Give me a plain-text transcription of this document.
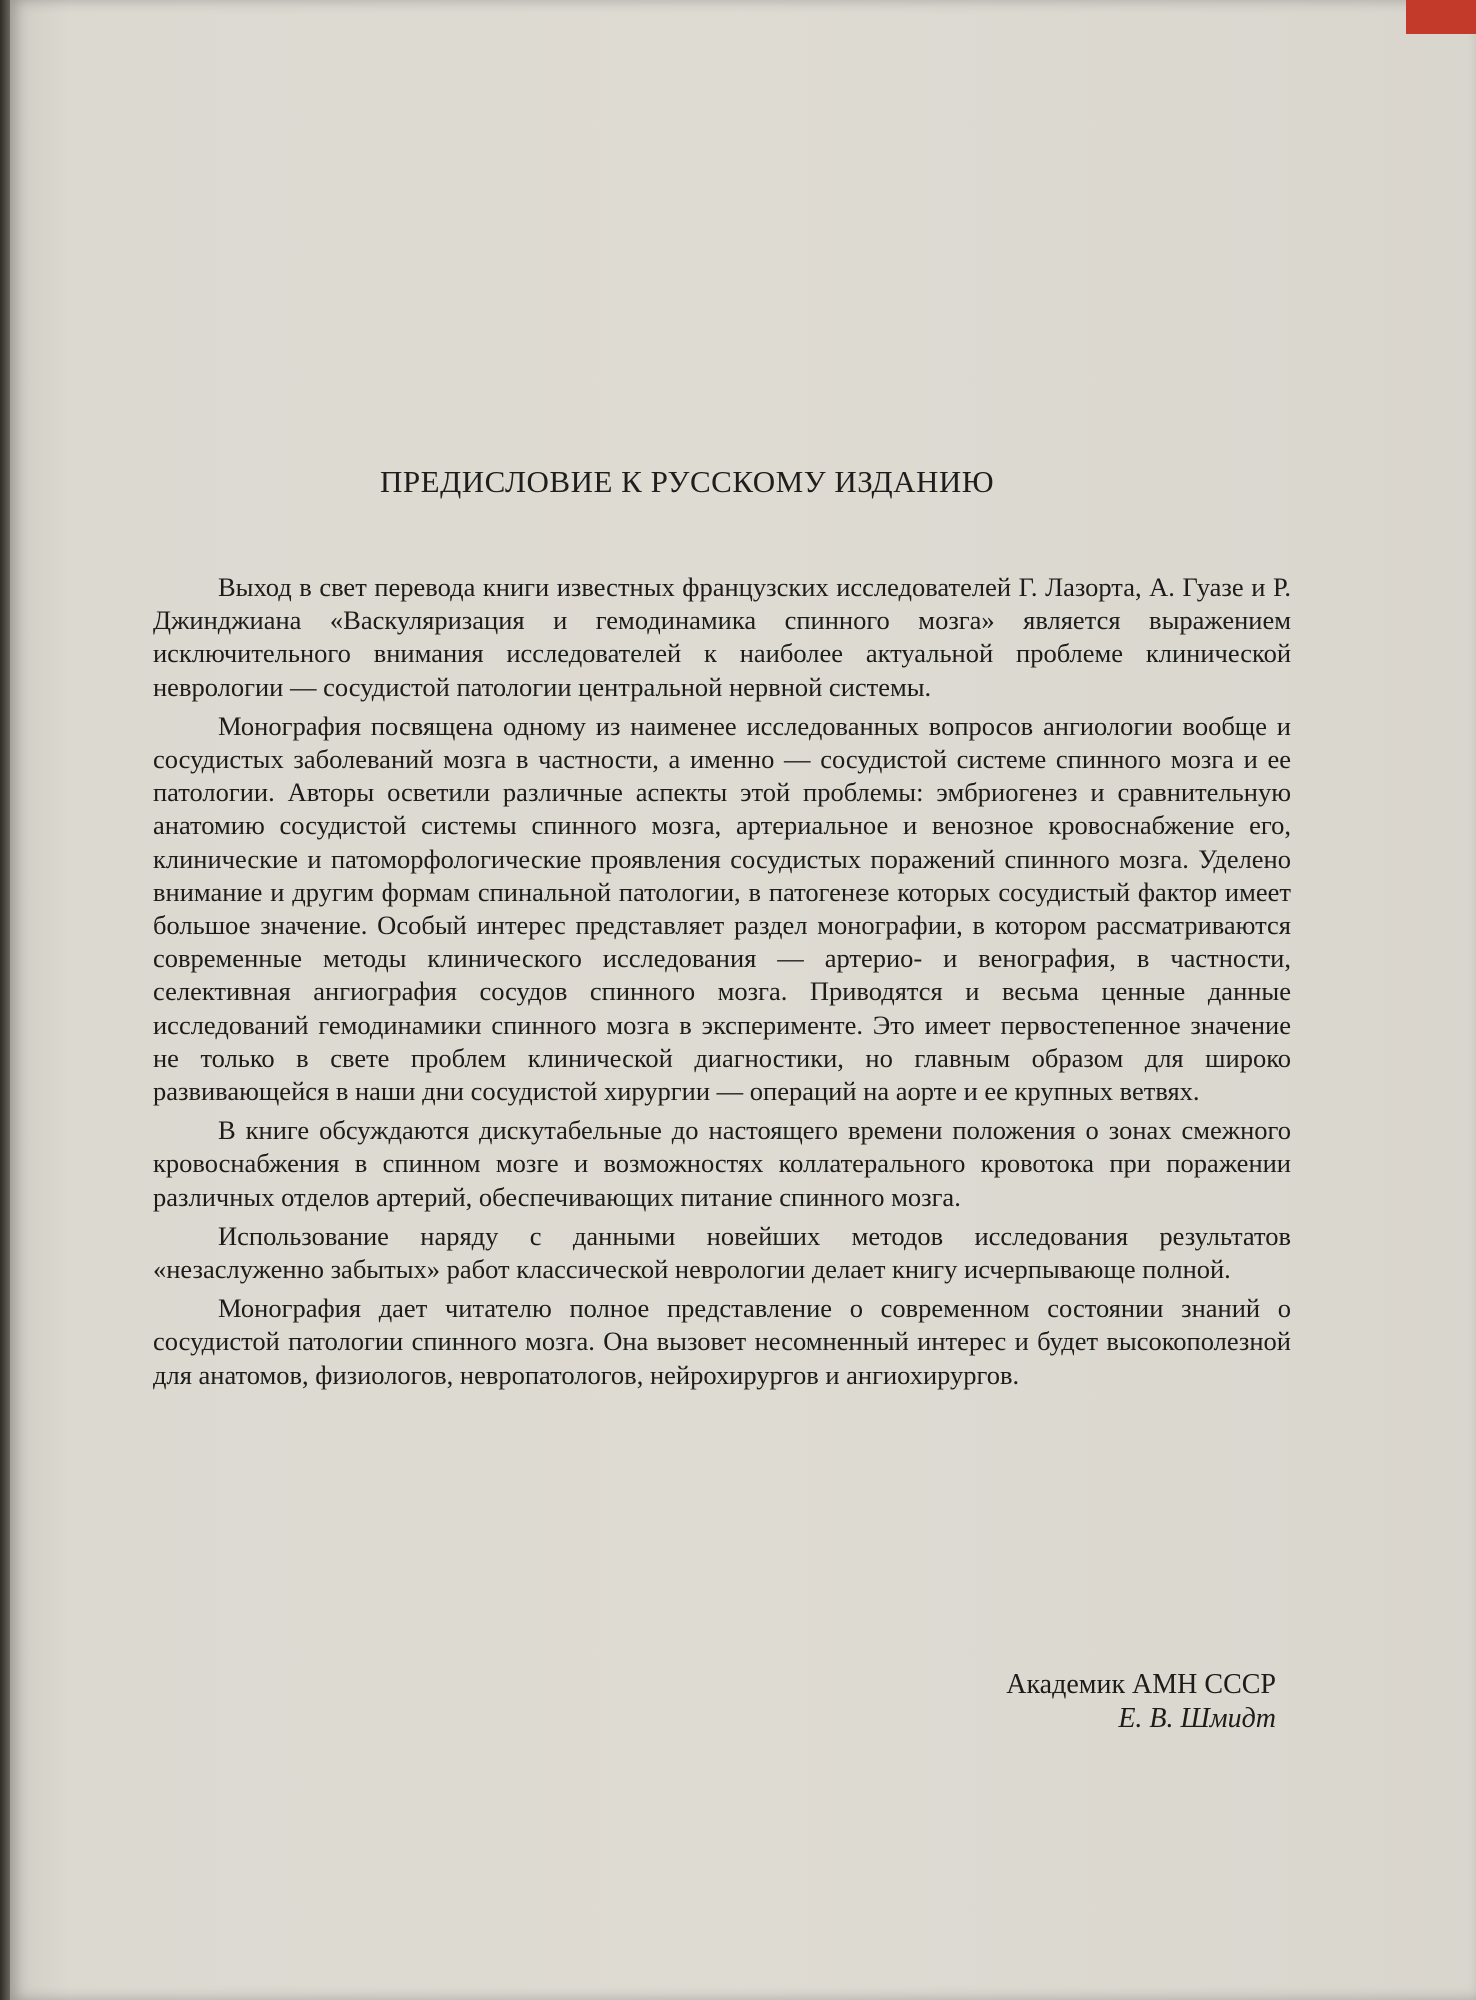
ПРЕДИСЛОВИЕ К РУССКОМУ ИЗДАНИЮ

Выход в свет перевода книги известных французских исследователей Г. Лазорта, А. Гуазе и Р. Джинджиана «Васкуляризация и гемодинамика спинного мозга» является выражением исключительного внимания исследователей к наиболее актуальной проблеме клинической неврологии — сосудистой патологии центральной нервной системы.

Монография посвящена одному из наименее исследованных вопросов ангиологии вообще и сосудистых заболеваний мозга в частности, а именно — сосудистой системе спинного мозга и ее патологии. Авторы осветили различные аспекты этой проблемы: эмбриогенез и сравнительную анатомию сосудистой системы спинного мозга, артериальное и венозное кровоснабжение его, клинические и патоморфологические проявления сосудистых поражений спинного мозга. Уделено внимание и другим формам спинальной патологии, в патогенезе которых сосудистый фактор имеет большое значение. Особый интерес представляет раздел монографии, в котором рассматриваются современные методы клинического исследования — артерио- и венография, в частности, селективная ангиография сосудов спинного мозга. Приводятся и весьма ценные данные исследований гемодинамики спинного мозга в эксперименте. Это имеет первостепенное значение не только в свете проблем клинической диагностики, но главным образом для широко развивающейся в наши дни сосудистой хирургии — операций на аорте и ее крупных ветвях.

В книге обсуждаются дискутабельные до настоящего времени положения о зонах смежного кровоснабжения в спинном мозге и возможностях коллатерального кровотока при поражении различных отделов артерий, обеспечивающих питание спинного мозга.

Использование наряду с данными новейших методов исследования результатов «незаслуженно забытых» работ классической неврологии делает книгу исчерпывающе полной.

Монография дает читателю полное представление о современном состоянии знаний о сосудистой патологии спинного мозга. Она вызовет несомненный интерес и будет высокополезной для анатомов, физиологов, невропатологов, нейрохирургов и ангиохирургов.

Академик АМН СССР
Е. В. Шмидт
